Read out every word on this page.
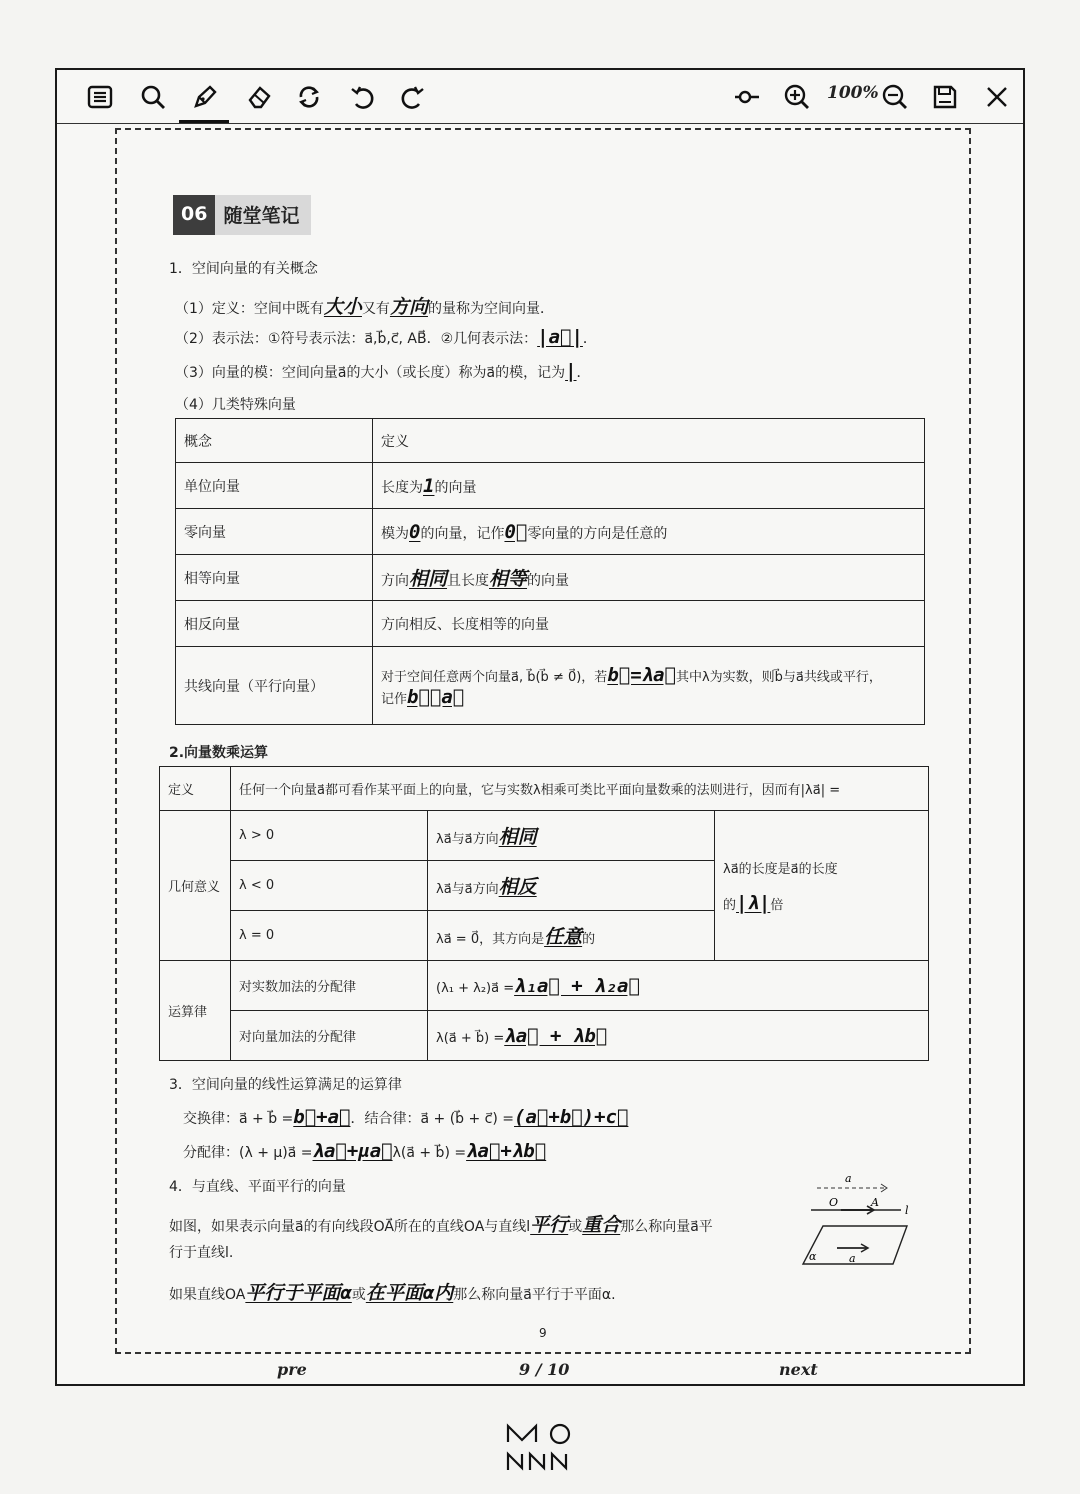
100%
06 随堂笔记
1．空间向量的有关概念
（1）定义：空间中既有大小又有方向的量称为空间向量．
（2）表示法：①符号表示法：a⃗,b⃗,c⃗, AB⃗．②几何表示法：|a⃗|．
（3）向量的模：空间向量a⃗的大小（或长度）称为a⃗的模，记为|．
（4）几类特殊向量
概念	定义
单位向量	长度为1的向量
零向量	模为0的向量，记作0⃗零向量的方向是任意的
相等向量	方向相同且长度相等的向量
相反向量	方向相反、长度相等的向量
共线向量（平行向量）	对于空间任意两个向量a⃗, b⃗(b⃗ ≠ 0⃗)，若b⃗=λa⃗其中λ为实数，则b⃗与a⃗共线或平行，
记作b⃗∥a⃗
2.向量数乘运算
定义	任何一个向量a⃗都可看作某平面上的向量，它与实数λ相乘可类比平面向量数乘的法则进行，因而有|λa⃗| =		
几何意义	λ > 0	λa⃗与a⃗方向相同	λa⃗的长度是a⃗的长度

的|λ|倍
	λ < 0	λa⃗与a⃗方向相反	
	λ = 0	λa⃗ = 0⃗，其方向是任意的	
运算律	对实数加法的分配律	(λ₁ + λ₂)a⃗ =λ₁a⃗ + λ₂a⃗	
	对向量加法的分配律	λ(a⃗ + b⃗) =λa⃗ + λb⃗	
3．空间向量的线性运算满足的运算律
交换律：a⃗ + b⃗ =b⃗+a⃗．结合律：a⃗ + (b⃗ + c⃗) =(a⃗+b⃗)+c⃗
分配律：(λ + μ)a⃗ =λa⃗+μa⃗λ(a⃗ + b⃗) =λa⃗+λb⃗
4．与直线、平面平行的向量
如图，如果表示向量a⃗的有向线段OA⃗所在的直线OA与直线l平行或重合那么称向量a⃗平
行于直线l.
如果直线OA平行于平面α或在平面α内那么称向量a⃗平行于平面α.
a
O	A
l
a
α
9
pre	9 / 10	next
